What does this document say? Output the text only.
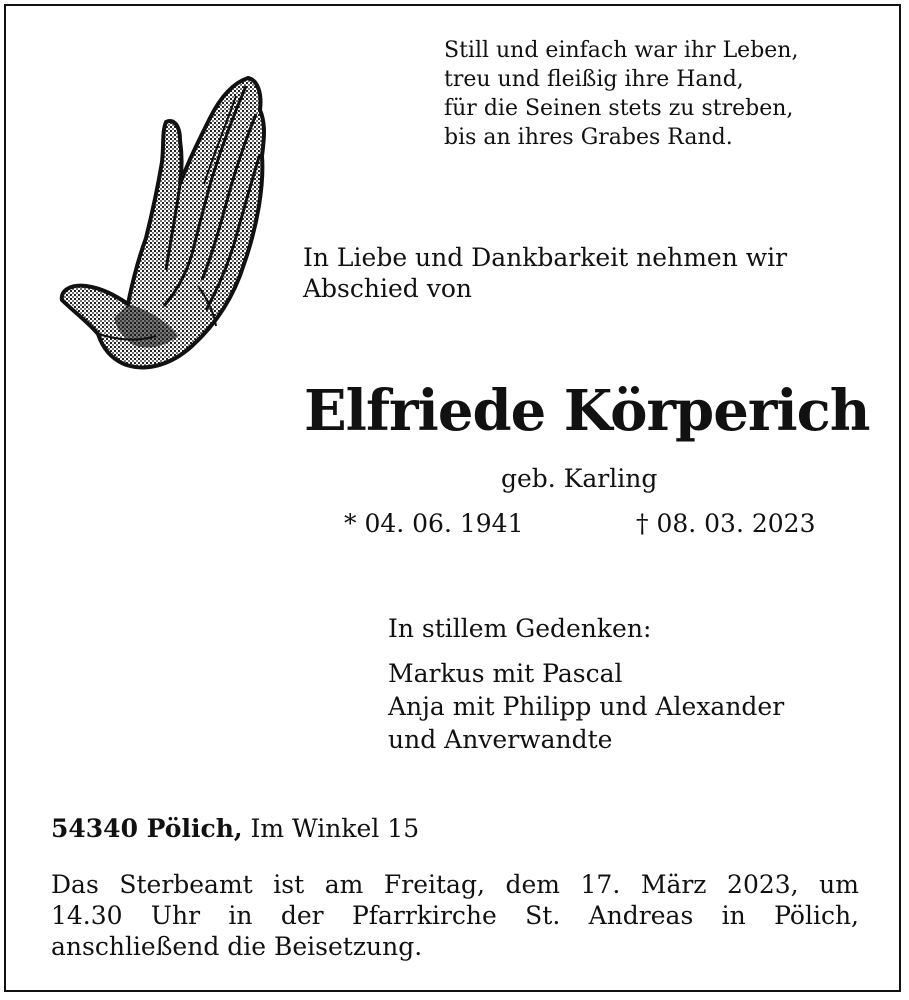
Still und einfach war ihr Leben,
treu und fleißig ihre Hand,
für die Seinen stets zu streben,
bis an ihres Grabes Rand.
In Liebe und Dankbarkeit nehmen wir
Abschied von
Elfriede Körperich
geb. Karling
* 04. 06. 1941	† 08. 03. 2023
In stillem Gedenken:
Markus mit Pascal
Anja mit Philipp und Alexander
und Anverwandte
54340 Pölich, Im Winkel 15
Das Sterbeamt ist am Freitag, dem 17. März 2023, um
14.30 Uhr in der Pfarrkirche St. Andreas in Pölich,
anschließend die Beisetzung.
